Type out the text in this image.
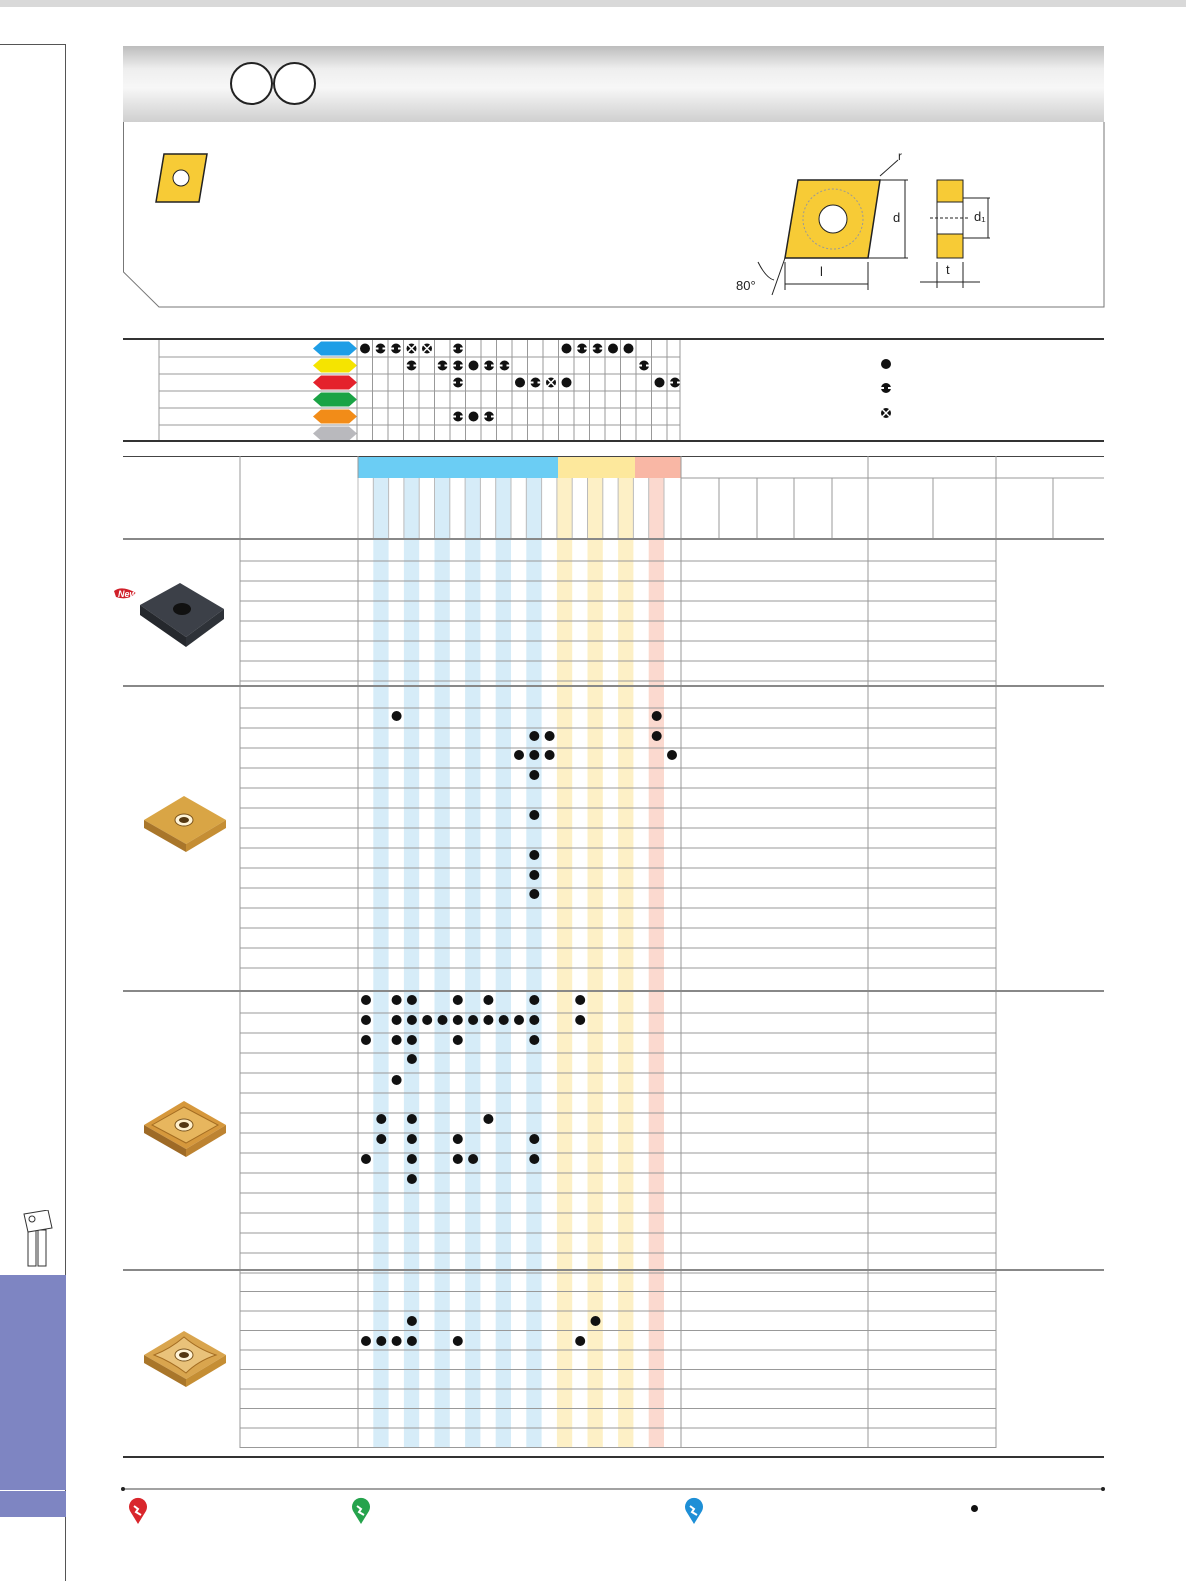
d
r
l
80°
d₁
t
New
